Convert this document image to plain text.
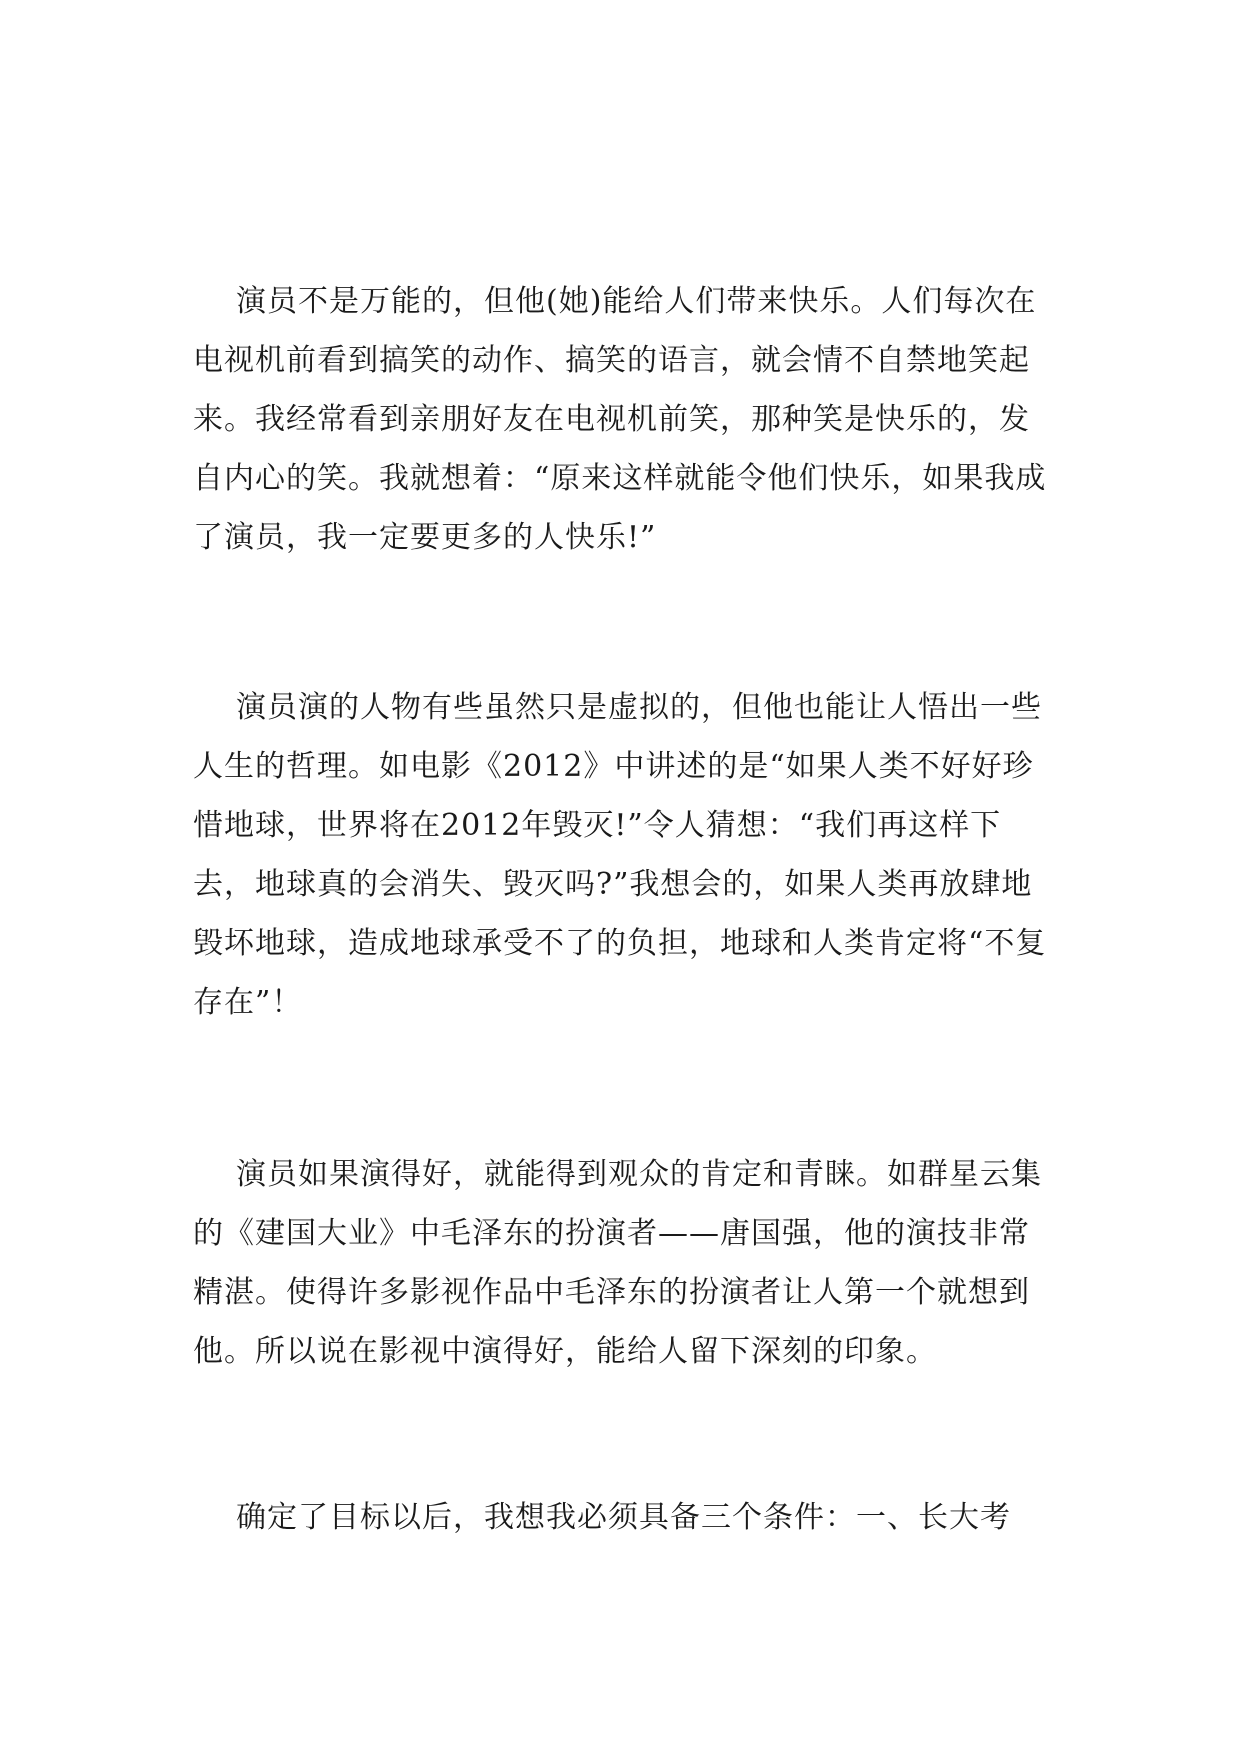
演员不是万能的，但他(她)能给人们带来快乐。人们每次在电视机前看到搞笑的动作、搞笑的语言，就会情不自禁地笑起来。我经常看到亲朋好友在电视机前笑，那种笑是快乐的，发自内心的笑。我就想着：“原来这样就能令他们快乐，如果我成了演员，我一定要更多的人快乐!”

演员演的人物有些虽然只是虚拟的，但他也能让人悟出一些人生的哲理。如电影《2012》中讲述的是“如果人类不好好珍惜地球，世界将在2012年毁灭!”令人猜想：“我们再这样下去，地球真的会消失、毁灭吗?”我想会的，如果人类再放肆地毁坏地球，造成地球承受不了的负担，地球和人类肯定将“不复存在”！

演员如果演得好，就能得到观众的肯定和青睐。如群星云集的《建国大业》中毛泽东的扮演者——唐国强，他的演技非常精湛。使得许多影视作品中毛泽东的扮演者让人第一个就想到他。所以说在影视中演得好，能给人留下深刻的印象。

确定了目标以后，我想我必须具备三个条件：一、长大考
